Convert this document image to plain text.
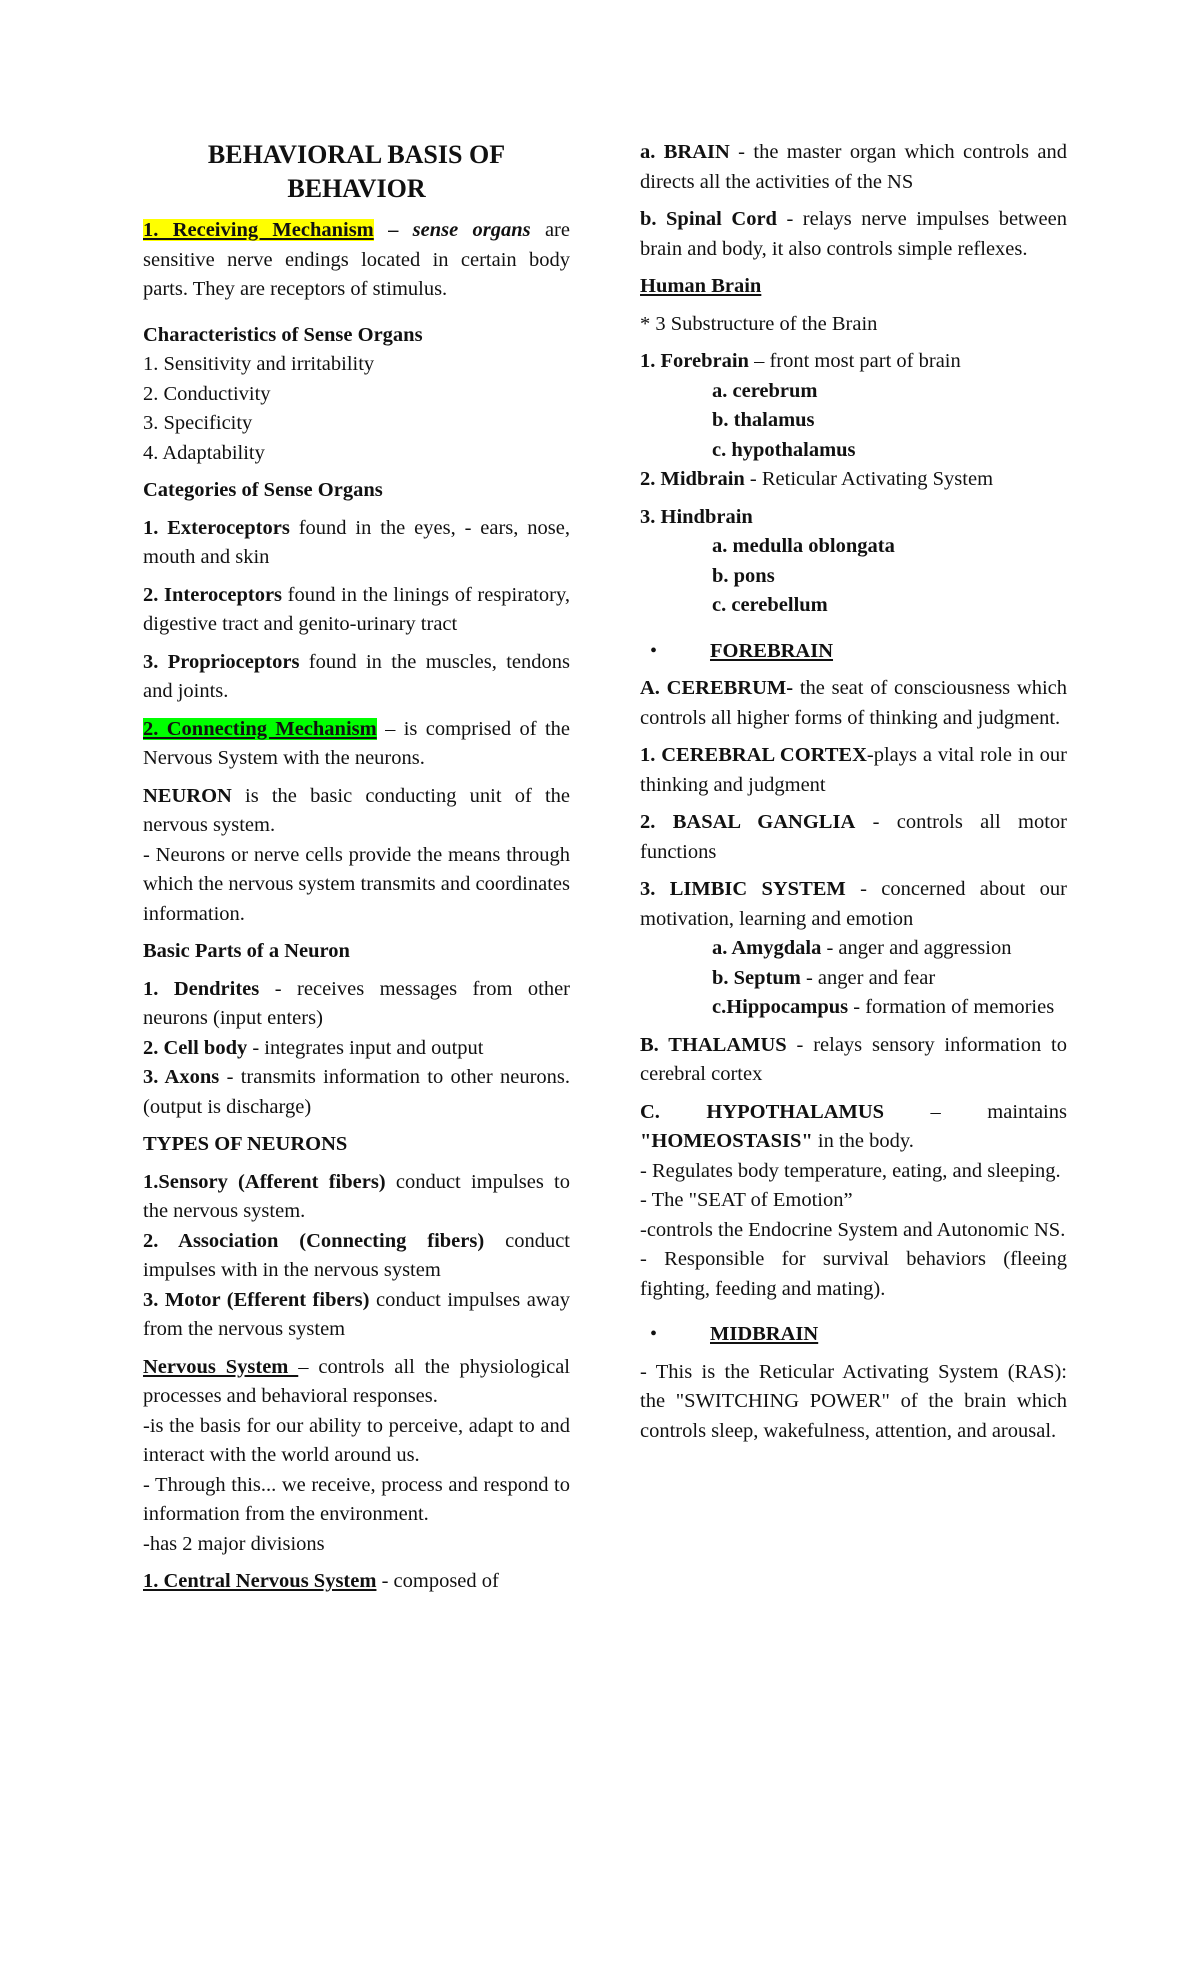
BEHAVIORAL BASIS OF
BEHAVIOR

1. Receiving Mechanism – sense organs are sensitive nerve endings located in certain body parts. They are receptors of stimulus.

Characteristics of Sense Organs

1. Sensitivity and irritability

2. Conductivity

3. Specificity

4. Adaptability

Categories of Sense Organs

1. Exteroceptors found in the eyes, - ears, nose, mouth and skin

2. Interoceptors found in the linings of respiratory, digestive tract and genito-urinary tract

3. Proprioceptors found in the muscles, tendons and joints.

2. Connecting Mechanism – is comprised of the Nervous System with the neurons.

NEURON is the basic conducting unit of the nervous system.

- Neurons or nerve cells provide the means through which the nervous system transmits and coordinates information.

Basic Parts of a Neuron

1. Dendrites - receives messages from other neurons (input enters)

2. Cell body - integrates input and output

3. Axons - transmits information to other neurons. (output is discharge)

TYPES OF NEURONS

1.Sensory (Afferent fibers) conduct impulses to the nervous system.

2. Association (Connecting fibers) conduct impulses with in the nervous system

3. Motor (Efferent fibers) conduct impulses away from the nervous system

Nervous System – controls all the physiological processes and behavioral responses.

-is the basis for our ability to perceive, adapt to and interact with the world around us.

- Through this... we receive, process and respond to information from the environment.

-has 2 major divisions

1. Central Nervous System - composed of

a. BRAIN - the master organ which controls and directs all the activities of the NS

b. Spinal Cord - relays nerve impulses between brain and body, it also controls simple reflexes.

Human Brain

* 3 Substructure of the Brain

1. Forebrain – front most part of brain

a. cerebrum

b. thalamus

c. hypothalamus

2. Midbrain - Reticular Activating System

3. Hindbrain

a. medulla oblongata

b. pons

c. cerebellum

•	FOREBRAIN

A. CEREBRUM- the seat of consciousness which controls all higher forms of thinking and judgment.

1. CEREBRAL CORTEX-plays a vital role in our thinking and judgment

2. BASAL GANGLIA - controls all motor functions

3. LIMBIC SYSTEM - concerned about our motivation, learning and emotion

a. Amygdala - anger and aggression

b. Septum - anger and fear

c.Hippocampus - formation of memories

B. THALAMUS - relays sensory information to cerebral cortex

C. HYPOTHALAMUS – maintains "HOMEOSTASIS" in the body.

- Regulates body temperature, eating, and sleeping.

- The "SEAT of Emotion”

-controls the Endocrine System and Autonomic NS.

- Responsible for survival behaviors (fleeing fighting, feeding and mating).

•	MIDBRAIN

- This is the Reticular Activating System (RAS): the "SWITCHING POWER" of the brain which controls sleep, wakefulness, attention, and arousal.
